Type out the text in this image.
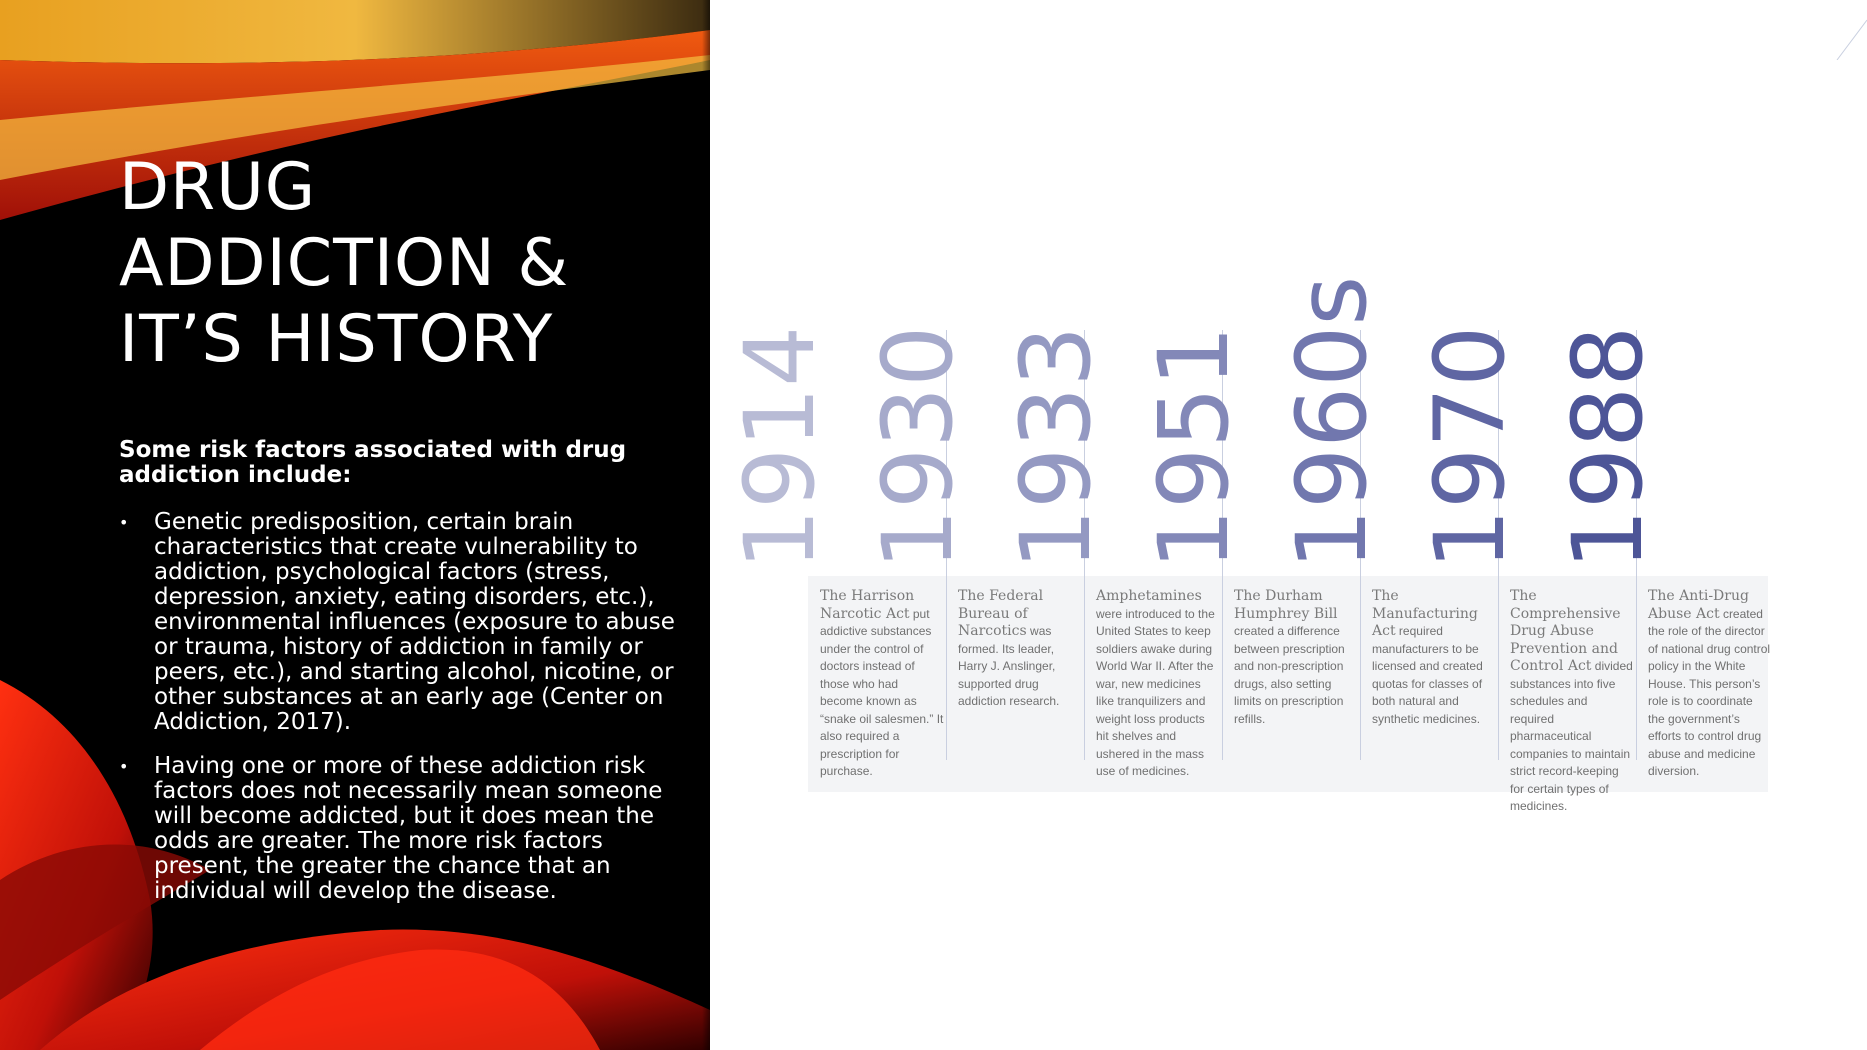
DRUG
ADDICTION &
IT’S HISTORY

Some risk factors associated with drug addiction include:

• Genetic predisposition, certain brain characteristics that create vulnerability to addiction, psychological factors (stress, depression, anxiety, eating disorders, etc.), environmental influences (exposure to abuse or trauma, history of addiction in family or peers, etc.), and starting alcohol, nicotine, or other substances at an early age (Center on Addiction, 2017).
• Having one or more of these addiction risk factors does not necessarily mean someone will become addicted, but it does mean the odds are greater. The more risk factors present, the greater the chance that an individual will develop the disease.
1914
The Harrison Narcotic Act put addictive substances under the control of doctors instead of those who had become known as “snake oil salesmen.” It also required a prescription for purchase.
1930
The Federal Bureau of Narcotics was formed. Its leader, Harry J. Anslinger, supported drug addiction research.
1933
Amphetamines were introduced to the United States to keep soldiers awake during World War II. After the war, new medicines like tranquilizers and weight loss products hit shelves and ushered in the mass use of medicines.
1951
The Durham Humphrey Bill created a difference between prescription and non-prescription drugs, also setting limits on prescription refills.
1960s
The Manufacturing Act required manufacturers to be licensed and created quotas for classes of both natural and synthetic medicines.
1970
The Comprehensive Drug Abuse Prevention and Control Act divided substances into five schedules and required pharmaceutical companies to maintain strict record-keeping for certain types of medicines.
1988
The Anti-Drug Abuse Act created the role of the director of national drug control policy in the White House. This person’s role is to coordinate the government’s efforts to control drug abuse and medicine diversion.
